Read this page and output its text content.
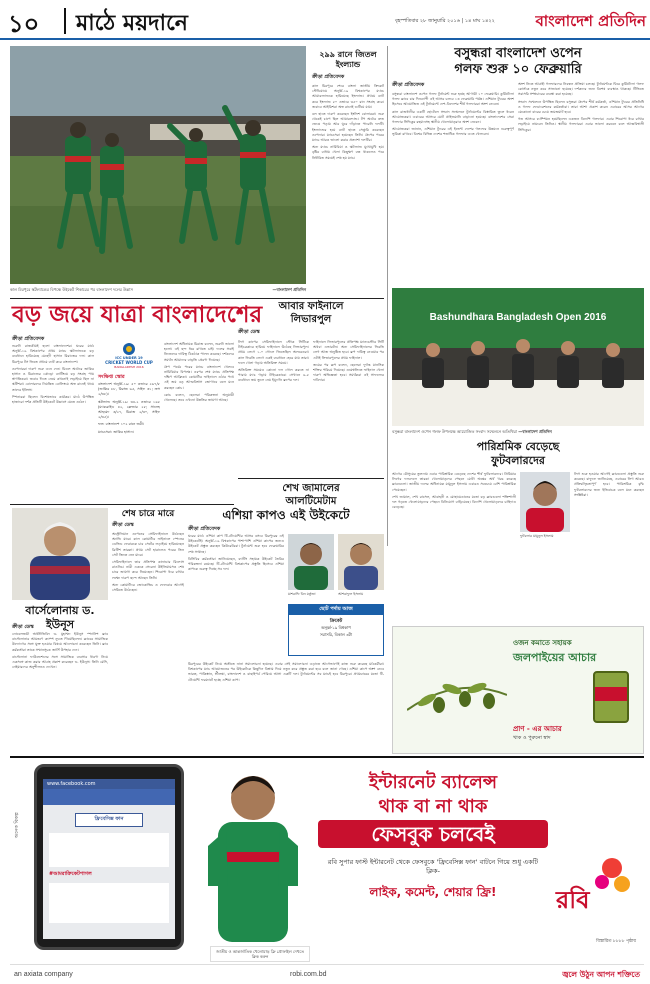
১০ মাঠে ময়দানে	বৃহস্পতিবার ২৮ জানুয়ারি ২০১৬ | ১৪ মাঘ ১৪২২	বাংলাদেশ প্রতিদিন
কাল মিরপুরে স্কটল্যান্ডের বিপক্ষে উইকেট শিকারের পর বাংলাদেশ দলের উল্লাস	—বাংলাদেশ প্রতিদিন
২৯৯ রানে জিতল ইংল্যান্ড
ক্রীড়া প্রতিবেদক

কাল মিরপুরে শেরে বাংলা জাতীয় ক্রিকেট স্টেডিয়ামে অনূর্ধ্ব-১৯ বিশ্বকাপের ম্যাচে আয়ারল্যান্ডকে হারিয়েছে ইংল্যান্ড। প্রথমে ব্যাট করে ইংল্যান্ড ৫০ ওভারে ৩৫০ রান সংগ্রহ করে। জবাবে আইরিশরা অল্প রানেই গুটিয়ে যায়।

বল হাতে দারুণ করেছেন ইংলিশ বোলাররা। শুরু থেকেই চাপে ছিল আয়ারল্যান্ড। টপ অর্ডার দ্রুত ভেঙে পড়ায় আর ঘুরে দাঁড়াতে পারেনি দলটি। ইংল্যান্ডের হয়ে ব্যাট হাতে সেঞ্চুরি করেছেন ওপেনার। ম্যাচসেরা হয়েছেন তিনি। গ্রুপের পরের ম্যাচে আরও ভালো করার প্রত্যাশা দলটির।

অন্য ম্যাচে নামিবিয়া ও স্কটল্যান্ড মুখোমুখি হয়। বৃষ্টির বাধায় খেলা কিছুক্ষণ বন্ধ থাকলেও পরে নির্ধারিত সময়েই শেষ হয় ম্যাচ।

বসুন্ধরা বাংলাদেশ ওপেন
গলফ শুরু ১০ ফেব্রুয়ারি
ক্রীড়া প্রতিবেদক

বসুন্ধরা বাংলাদেশ ওপেন গলফ টুর্নামেন্ট শুরু হচ্ছে আগামী ১০ ফেব্রুয়ারি। কুর্মিটোলা গলফ ক্লাবে চার দিনব্যাপী এই আসর চলবে ১৩ ফেব্রুয়ারি পর্যন্ত। এশিয়ান ট্যুরের অংশ হিসেবে আয়োজিত এই টুর্নামেন্টে দেশ-বিদেশের শীর্ষ গলফাররা অংশ নেবেন।

কাল রাজধানীর একটি হোটেলে সংবাদ সম্মেলনে টুর্নামেন্টের বিস্তারিত তুলে ধরেন আয়োজকরা। এবারের আসরে মোট প্রাইজমানি বাড়ানো হয়েছে। বাংলাদেশের সেরা গলফার সিদ্দিকুর রহমানসহ স্থানীয় খেলোয়াড়রাও অংশ নেবেন।

আয়োজকরা জানান, এশিয়ান ট্যুরের এই ইভেন্ট দেশের গলফের উন্নয়নে গুরুত্বপূর্ণ ভূমিকা রাখবে। বিশ্বের বিভিন্ন দেশের শতাধিক গলফার এতে খেলবেন।

অংশ নিতে আগ্রহী গলফারদের নিবন্ধন প্রক্রিয়া চলছে। টুর্নামেন্টকে ঘিরে কুর্মিটোলা গলফ কোর্সকে নতুন করে সাজানো হয়েছে। দর্শকদের জন্য বিশেষ ব্যবস্থাও থাকছে। টিভিতে সরাসরি সম্প্রচারের ব্যবস্থা করা হয়েছে।

সংবাদ সম্মেলনে উপস্থিত ছিলেন বসুন্ধরা গ্রুপের শীর্ষ কর্মকর্তা, এশিয়ান ট্যুরের প্রতিনিধি ও গলফ ফেডারেশনের কর্মকর্তারা। তারা আশা প্রকাশ করেন এবারের আসর আগের যেকোনো বারের চেয়ে জমজমাট হবে।

গত আসরে চ্যাম্পিয়ন হয়েছিলেন একজন বিদেশি গলফার। এবার শিরোপা ধরে রাখার লড়াইয়ে নামবেন তিনিও। স্থানীয় গলফাররা এবার ভালো করবেন বলে আত্মবিশ্বাসী সিদ্দিকুর।

Bashundhara Bangladesh Open 2016
বসুন্ধরা বাংলাদেশ ওপেন গলফ উপলক্ষে আয়োজিত সংবাদ সম্মেলনে অতিথিরা —বাংলাদেশ প্রতিদিন
বড় জয়ে যাত্রা বাংলাদেশের
ক্রীড়া প্রতিবেদক

শুরুটা রাজকীয়ই হলো বাংলাদেশের। ঘরের মাঠে অনূর্ধ্ব-১৯ বিশ্বকাপের প্রথম ম্যাচে স্কটল্যান্ডকে বড় ব্যবধানে হারিয়েছে মেহেদী হাসান মিরাজের দল। কাল মিরপুরে টস জিতে প্রথমে ব্যাট করে বাংলাদেশ।

ওপেনাররা দারুণ শুরু এনে দেন। মিডল অর্ডারে জাকির হাসান ও মিরাজের ঝোড়ো ব্যাটিংয়ে বড় সংগ্রহ পায় স্বাগতিকরা। জবাব দিতে নেমে কখনোই লড়াইয়ে ছিল না স্কটিশরা। বোলারদের নিয়ন্ত্রিত বোলিংয়ে অল্প রানেই থামে তাদের ইনিংস।

স্পিনাররা ছিলেন বিশেষভাবে কার্যকর। মাঠে উপস্থিত হাজারো দর্শক প্রতিটি উইকেটে উল্লাসে মেতে ওঠেন।

ICC UNDER 19
CRICKET WORLD CUP
BANGLADESH 2016
সংক্ষিপ্ত স্কোর

বাংলাদেশ অনূর্ধ্ব-১৯: ৫০ ওভারে ২৬৭/৮ (জাকির ৮৮, মিরাজ ৬৫, সাইফ ৩১; ক্রস ২/৩৮)।

স্কটল্যান্ড অনূর্ধ্ব-১৯: ৩৪.২ ওভারে ১৬৫ (ম্যাকব্রাইড ৪২, ফ্রেজার ২৮; সালেহ আহমেদ ৩/২৭, মিরাজ ২/৩০, সাইফ ২/৩৫)।

ফল: বাংলাদেশ ১০২ রানে জয়ী।

ম্যাচসেরা: জাকির হাসান।

বাংলাদেশ অধিনায়ক মিরাজ বলেন, শুরুটা ভালো হলো। এই ছন্দ ধরে রাখতে চাই। দলের সবাই নিজেদের দায়িত্ব ঠিকঠাক পালন করেছে। দর্শকদের সমর্থন আমাদের বাড়তি প্রেরণা দিয়েছে।

গ্রুপ পর্বের পরের ম্যাচে বাংলাদেশ খেলবে নামিবিয়ার বিপক্ষে। এরপর শেষ ম্যাচে প্রতিপক্ষ দক্ষিণ আফ্রিকা। কোয়ার্টার ফাইনালে ওঠার পথে এই জয় বড় আত্মবিশ্বাস জোগাবে বলে মনে করছেন কোচ।

কোচ বলেন, ছেলেরা পরিকল্পনা অনুযায়ী খেলেছে। তবে এখনো উন্নতির জায়গা আছে।

আবার ফাইনালে
লিভারপুল
ক্রীড়া ডেস্ক

লিগ কাপের সেমিফাইনালে স্টোক সিটিকে টাইব্রেকারে হারিয়ে ফাইনালে উঠেছে লিভারপুল। প্রথম লেগে ১-০ গোলে জিতেছিল অলরেডরা। কাল ফিরতি লেগে একই ব্যবধানে হেরে যায় তারা। ফলে খেলা গড়ায় অতিরিক্ত সময়ে।

অতিরিক্ত সময়েও কোনো দল গোল করতে না পারায় ম্যাচ গড়ায় টাইব্রেকারে। সেখানে ৬-৫ ব্যবধানে জয় তুলে নেয় ইয়ুর্গেন ক্লপের দল।

ফাইনালে লিভারপুলের প্রতিপক্ষ ম্যানচেস্টার সিটি অথবা এভারটন। অন্য সেমিফাইনালের ফিরতি লেগ আজ অনুষ্ঠিত হবে। ক্লপ দায়িত্ব নেওয়ার পর এটাই লিভারপুলের প্রথম ফাইনাল।

জয়ের পর ক্লপ বলেন, ছেলেরা দুর্দান্ত মানসিক শক্তির পরিচয় দিয়েছে। ওয়েম্বলিতে ফাইনাল খেলা দারুণ অভিজ্ঞতা হবে। সমর্থকরা এই সাফল্যের দাবিদার।

শেখ জামালের
আলটিমেটাম
পারিশ্রমিক বেড়েছে
ফুটবলারদের
বার্সেলোনায় ড. ইউনূস
ক্রীড়া ডেস্ক

নোবেলজয়ী অর্থনীতিবিদ ড. মুহাম্মদ ইউনূস স্প্যানিশ ক্লাব বার্সেলোনার আমন্ত্রণে ক্যাম্প ন্যুতে গিয়েছিলেন। ক্লাবের সামাজিক উদ্যোগের সঙ্গে যুক্ত হওয়ার বিষয়ে আলোচনা করেছেন তিনি। ক্লাব কর্মকর্তারা তাকে সম্মানসূচক জার্সি উপহার দেন।

বার্সেলোনা ফাউন্ডেশনের সঙ্গে সামাজিক ব্যবসার ধারণা নিয়ে একসঙ্গে কাজ করার আগ্রহ প্রকাশ করেছেন ড. ইউনূস। তিনি মেসি, নেইমারদের অনুশীলনও দেখেন।

শেষ চারে মারে
ক্রীড়া ডেস্ক

অস্ট্রেলিয়ান ওপেনের সেমিফাইনালে উঠেছেন অ্যান্ডি মারে। কাল কোয়ার্টার ফাইনালে স্পেনের ডেভিড ফেরারকে চার সেটের লড়াইয়ে হারিয়েছেন ব্রিটিশ তারকা। প্রথম সেট হারালেও পরের তিন সেট জিতে নেন মারে।

সেমিফাইনালে তার প্রতিপক্ষ কানাডার মিলোস রাওনিচ। নারী এককে সেরেনা উইলিয়ামসও শেষ চারে জায়গা করে নিয়েছেন। শিরোপা ধরে রাখার লক্ষ্যে দারুণ ছন্দে আছেন তিনি।

অন্য কোয়ার্টারে জোকোভিচ ও ফেদেরার আগেই সেমিতে উঠেছেন।

এশিয়া কাপও এই উইকেটে
ক্রীড়া প্রতিবেদক

ঘরের মাঠে এশিয়া কাপ টি-টোয়েন্টির আসর বসবে মিরপুরের এই উইকেটেই। অনূর্ধ্ব-১৯ বিশ্বকাপের পাশাপাশি এশিয়া কাপের জন্যও উইকেট প্রস্তুত করছেন কিউরেটররা। টুর্নামেন্ট শুরু হবে ফেব্রুয়ারির শেষ সপ্তাহে।

বিসিবির কর্মকর্তারা জানিয়েছেন, ব্যাটিং সহায়ক উইকেট তৈরির পরিকল্পনা রয়েছে। টি-টোয়েন্টি বিশ্বকাপের প্রস্তুতি হিসেবে এশিয়া কাপকে গুরুত্ব দিচ্ছে সব দল।

মাশরাফি বিন মর্তুজা	আশরাফুল ইসলাম
ছোট পর্দায় আজ
ক্রিকেট
অনূর্ধ্ব-১৯ বিশ্বকাপ
সরাসরি, বিকাল ৩টা

মিরপুরের উইকেট নিয়ে অতীতে নানা সমালোচনা হয়েছে। এবার সেই সমালোচনা এড়াতে আগেভাগেই কাজ শুরু করেছে মাঠকর্মীরা। বিশ্বকাপের ম্যাচ আয়োজনের পর উইকেটকে কিছুদিন বিশ্রাম দিয়ে নতুন করে প্রস্তুত করা হবে বলে জানা গেছে। এশিয়া কাপে অংশ নেবে ভারত, পাকিস্তান, শ্রীলঙ্কা, বাংলাদেশ ও বাছাইপর্ব পেরিয়ে আসা একটি দল। টুর্নামেন্টের সব ম্যাচই হবে মিরপুরে। প্রথমবারের মতো টি-টোয়েন্টি ফরম্যাটে হচ্ছে এশিয়া কাপ।

আগের মৌসুমের তুলনায় এবার পারিশ্রমিক বেড়েছে দেশের শীর্ষ ফুটবলারদের। প্রিমিয়ার লিগের দলবদলে তারকা খেলোয়াড়দের পেছনে মোটা অঙ্কের অর্থ খরচ করেছে ক্লাবগুলো। জাতীয় দলের অধিনায়ক মামুনুল ইসলাম এবারও সবচেয়ে বেশি পারিশ্রমিক পেয়েছেন।

শেখ জামাল, শেখ রাসেল, আবাহনী ও মোহামেডানের মতো বড় ক্লাবগুলো শক্তিশালী দল গড়তে খেলোয়াড়দের পেছনে বিনিয়োগ বাড়িয়েছে। বিদেশি খেলোয়াড়দের চাহিদাও বেড়েছে।

ফুটবলার মামুনুল ইসলাম

লিগ শুরু হওয়ার আগেই ক্লাবগুলো প্রস্তুতি শুরু করেছে। বাফুফে জানিয়েছে, এবারের লিগ আরও প্রতিদ্বন্দ্বিতাপূর্ণ হবে। পারিশ্রমিক বৃদ্ধি ফুটবলারদের জন্য ইতিবাচক বলে মনে করছেন সংশ্লিষ্টরা।

ওজন কমাতে সহায়ক
জলপাইয়ের আচার
প্রাণ - এর আচার
খাক ও পুরুনো স্বাদ
www.facebook.com
ফ্রিবেসিক্স ফান
#আমরাক্রিকেটপাগল
অনেক বিকল্প
জাতীয় ও আন্তর্জাতিক খেলোয়াড় ফ্রি প্রোফাইল দেখতে ক্লিক করুন
ইন্টারনেট ব্যালেন্স
থাক বা না থাক
ফেসবুক চলবেই
রবি সুপার ফাস্ট ইন্টারনেট থেকে ফেসবুকে 'ফ্রিবেসিক্স ফান' বাটনে গিয়ে শুধু একটি ক্লিক-
লাইক, কমেন্ট, শেয়ার ফ্রি!	রবি
বিস্তারিত ৮৮৮৮ পৃষ্ঠায়
an axiata company	robi.com.bd	জ্বলে উঠুন আপন শক্তিতে
